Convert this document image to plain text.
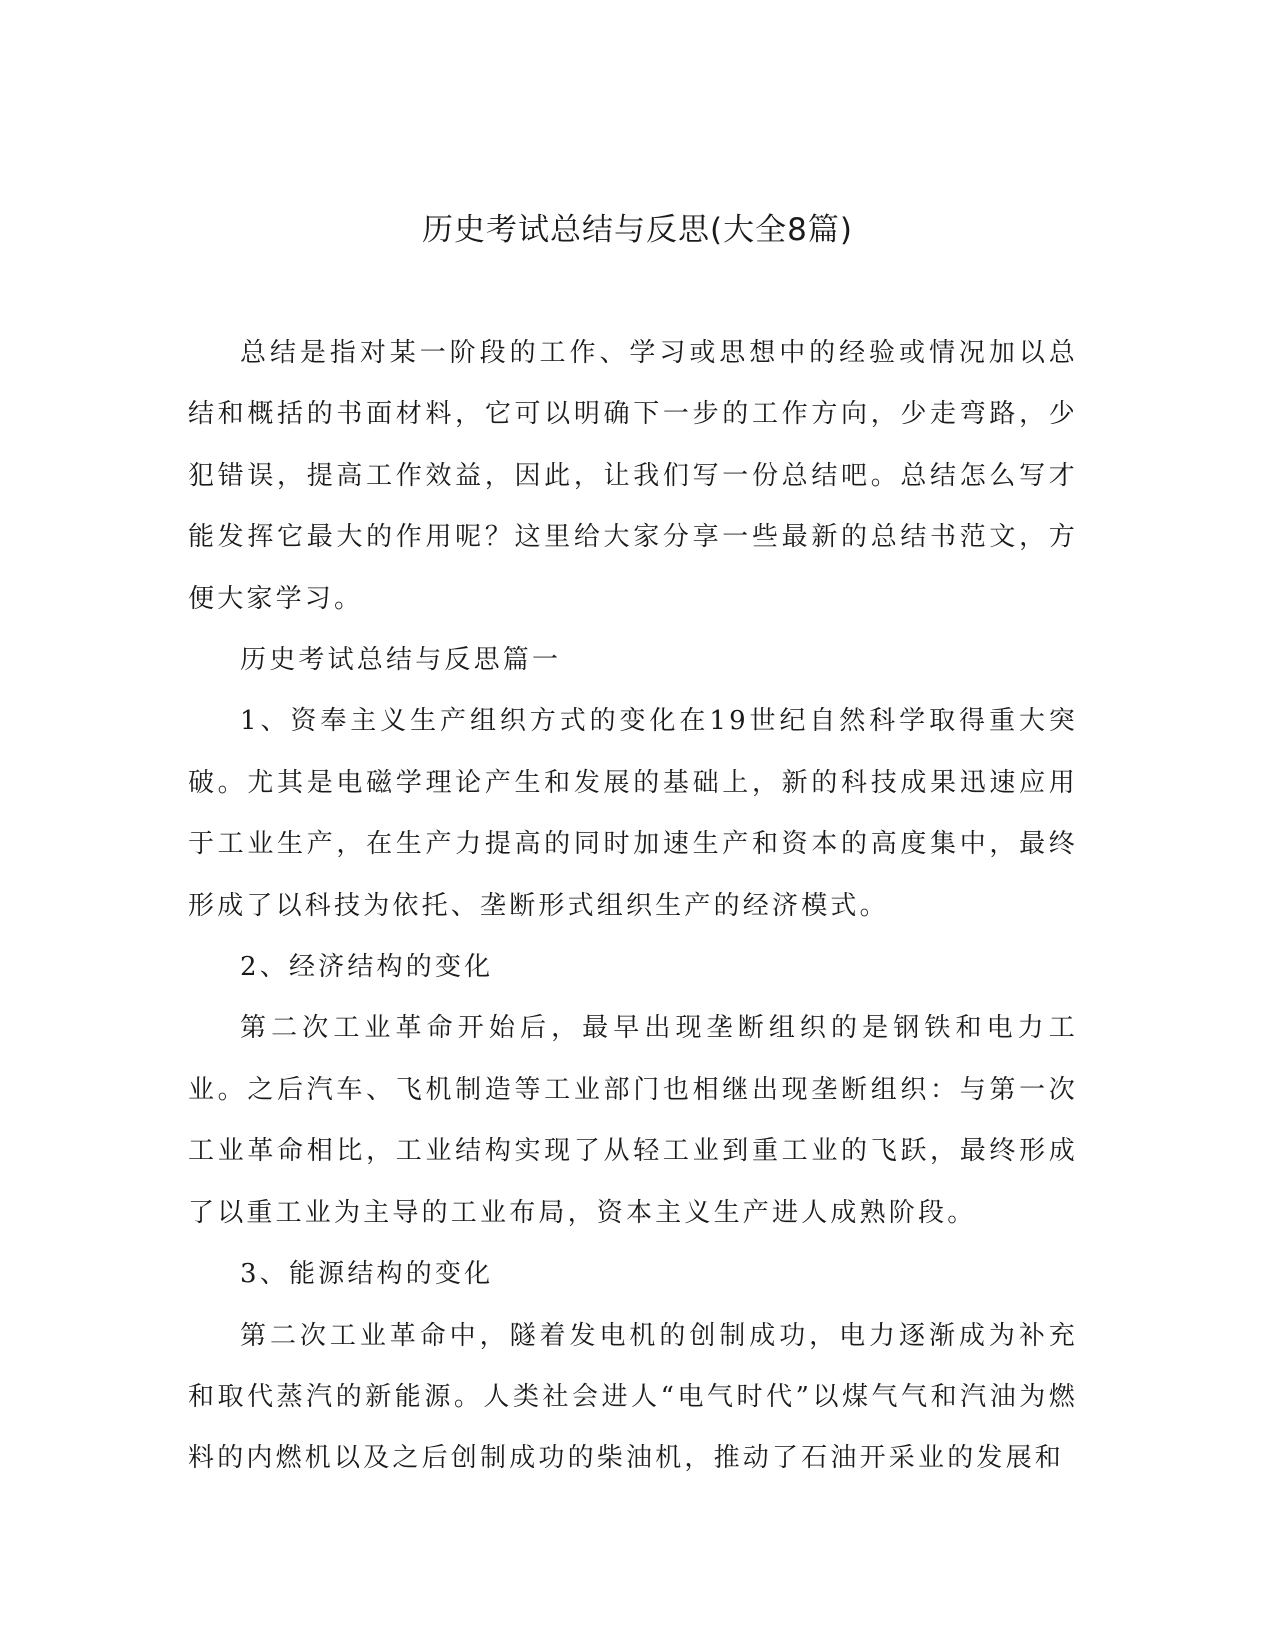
历史考试总结与反思(大全8篇)

总结是指对某一阶段的工作、学习或思想中的经验或情况加以总结和概括的书面材料，它可以明确下一步的工作方向，少走弯路，少犯错误，提高工作效益，因此，让我们写一份总结吧。总结怎么写才能发挥它最大的作用呢？这里给大家分享一些最新的总结书范文，方便大家学习。

历史考试总结与反思篇一

1、资奉主义生产组织方式的变化在19世纪自然科学取得重大突破。尤其是电磁学理论产生和发展的基础上，新的科技成果迅速应用于工业生产，在生产力提高的同时加速生产和资本的高度集中，最终形成了以科技为依托、垄断形式组织生产的经济模式。

2、经济结构的变化

第二次工业革命开始后，最早出现垄断组织的是钢铁和电力工业。之后汽车、飞机制造等工业部门也相继出现垄断组织：与第一次工业革命相比，工业结构实现了从轻工业到重工业的飞跃，最终形成了以重工业为主导的工业布局，资本主义生产进人成熟阶段。

3、能源结构的变化

第二次工业革命中，隧着发电机的创制成功，电力逐渐成为补充和取代蒸汽的新能源。人类社会进人“电气时代”以煤气气和汽油为燃料的内燃机以及之后创制成功的柴油机，推动了石油开采业的发展和
